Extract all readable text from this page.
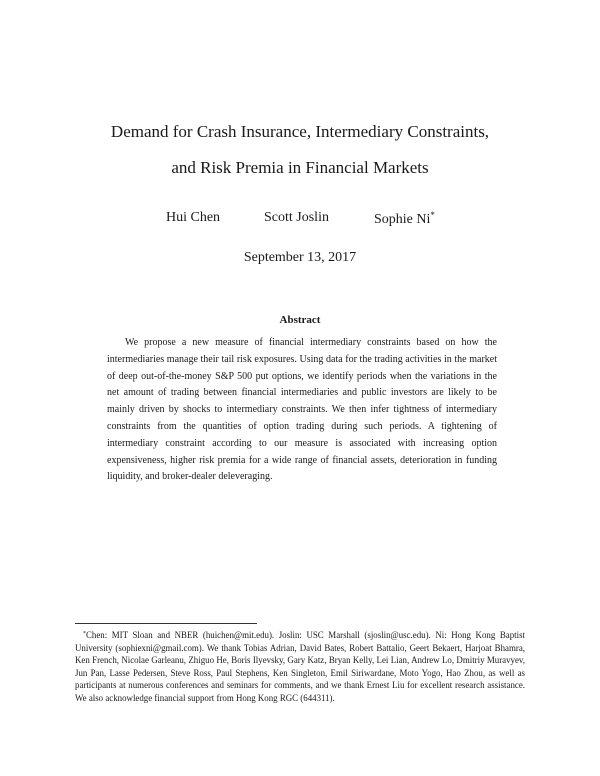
Demand for Crash Insurance, Intermediary Constraints,
and Risk Premia in Financial Markets
Hui Chen	Scott Joslin	Sophie Ni*
September 13, 2017
Abstract

We propose a new measure of financial intermediary constraints based on how the intermediaries manage their tail risk exposures. Using data for the trading activities in the market of deep out-of-the-money S&P 500 put options, we identify periods when the variations in the net amount of trading between financial intermediaries and public investors are likely to be mainly driven by shocks to intermediary constraints. We then infer tightness of intermediary constraints from the quantities of option trading during such periods. A tightening of intermediary constraint according to our measure is associated with increasing option expensiveness, higher risk premia for a wide range of financial assets, deterioration in funding liquidity, and broker-dealer deleveraging.

*Chen: MIT Sloan and NBER (huichen@mit.edu). Joslin: USC Marshall (sjoslin@usc.edu). Ni: Hong Kong Baptist University (sophiexni@gmail.com). We thank Tobias Adrian, David Bates, Robert Battalio, Geert Bekaert, Harjoat Bhamra, Ken French, Nicolae Garleanu, Zhiguo He, Boris Ilyevsky, Gary Katz, Bryan Kelly, Lei Lian, Andrew Lo, Dmitriy Muravyev, Jun Pan, Lasse Pedersen, Steve Ross, Paul Stephens, Ken Singleton, Emil Siriwardane, Moto Yogo, Hao Zhou, as well as participants at numerous conferences and seminars for comments, and we thank Ernest Liu for excellent research assistance. We also acknowledge financial support from Hong Kong RGC (644311).
